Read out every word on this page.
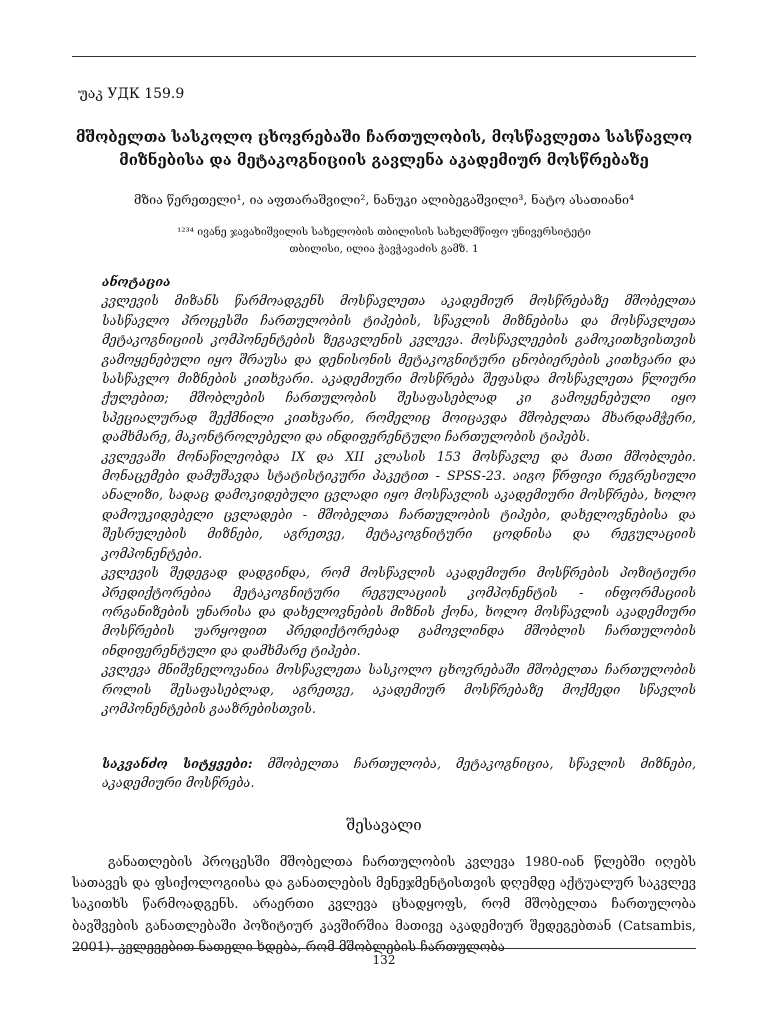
უაკ УДК 159.9
მშობელთა სასკოლო ცხოვრებაში ჩართულობის, მოსწავლეთა სასწავლო მიზნებისა და მეტაკოგნიციის გავლენა აკადემიურ მოსწრებაზე
მზია წერეთელი¹, ია აფთარაშვილი², ნანუკი ალიბეგაშვილი³, ნატო ასათიანი⁴
¹²³⁴ ივანე ჯავახიშვილის სახელობის თბილისის სახელმწიფო უნივერსიტეტი
თბილისი, ილია ჭავჭავაძის გამზ. 1

ანოტაცია

კვლევის მიზანს წარმოადგენს მოსწავლეთა აკადემიურ მოსწრებაზე მშობელთა სასწავლო პროცესში ჩართულობის ტიპების, სწავლის მიზნებისა და მოსწავლეთა მეტაკოგნიციის კომპონენტების ზეგავლენის კვლევა. მოსწავლეების გამოკითხვისთვის გამოყენებული იყო შრაუსა და დენისონის მეტაკოგნიტური ცნობიერების კითხვარი და სასწავლო მიზნების კითხვარი. აკადემიური მოსწრება შეფასდა მოსწავლეთა წლიური ქულებით; მშობლების ჩართულობის შესაფასებლად კი გამოყენებული იყო სპეციალურად შექმნილი კითხვარი, რომელიც მოიცავდა მშობელთა მხარდამჭერი, დამხმარე, მაკონტროლებელი და ინდიფერენტული ჩართულობის ტიპებს.

კვლევაში მონაწილეობდა IX და XII კლასის 153 მოსწავლე და მათი მშობლები. მონაცემები დამუშავდა სტატისტიკური პაკეტით - SPSS-23. აიგო წრფივი რეგრესიული ანალიზი, სადაც დამოკიდებული ცვლადი იყო მოსწავლის აკადემიური მოსწრება, ხოლო დამოუკიდებელი ცვლადები - მშობელთა ჩართულობის ტიპები, დახელოვნებისა და შესრულების მიზნები, აგრეთვე, მეტაკოგნიტური ცოდნისა და რეგულაციის კომპონენტები.

კვლევის შედეგად დადგინდა, რომ მოსწავლის აკადემიური მოსწრების პოზიტიური პრედიქტორებია მეტაკოგნიტური რეგულაციის კომპონენტის - ინფორმაციის ორგანიზების უნარისა და დახელოვნების მიზნის ქონა, ხოლო მოსწავლის აკადემიური მოსწრების უარყოფით პრედიქტორებად გამოვლინდა მშობლის ჩართულობის ინდიფერენტული და დამხმარე ტიპები.

კვლევა მნიშვნელოვანია მოსწავლეთა სასკოლო ცხოვრებაში მშობელთა ჩართულობის როლის შესაფასებლად, აგრეთვე, აკადემიურ მოსწრებაზე მოქმედი სწავლის კომპონენტების გააზრებისთვის.

საკვანძო სიტყვები: მშობელთა ჩართულობა, მეტაკოგნიცია, სწავლის მიზნები, აკადემიური მოსწრება.
შესავალი

განათლების პროცესში მშობელთა ჩართულობის კვლევა 1980-იან წლებში იღებს სათავეს და ფსიქოლოგიისა და განათლების მენეჯმენტისთვის დღემდე აქტუალურ საკვლევ საკითხს წარმოადგენს. არაერთი კვლევა ცხადყოფს, რომ მშობელთა ჩართულობა ბავშვების განათლებაში პოზიტიურ კავშირშია მათივე აკადემიურ შედეგებთან (Catsambis, 2001). კვლევებით ნათელი ხდება, რომ მშობლების ჩართულობა

132
